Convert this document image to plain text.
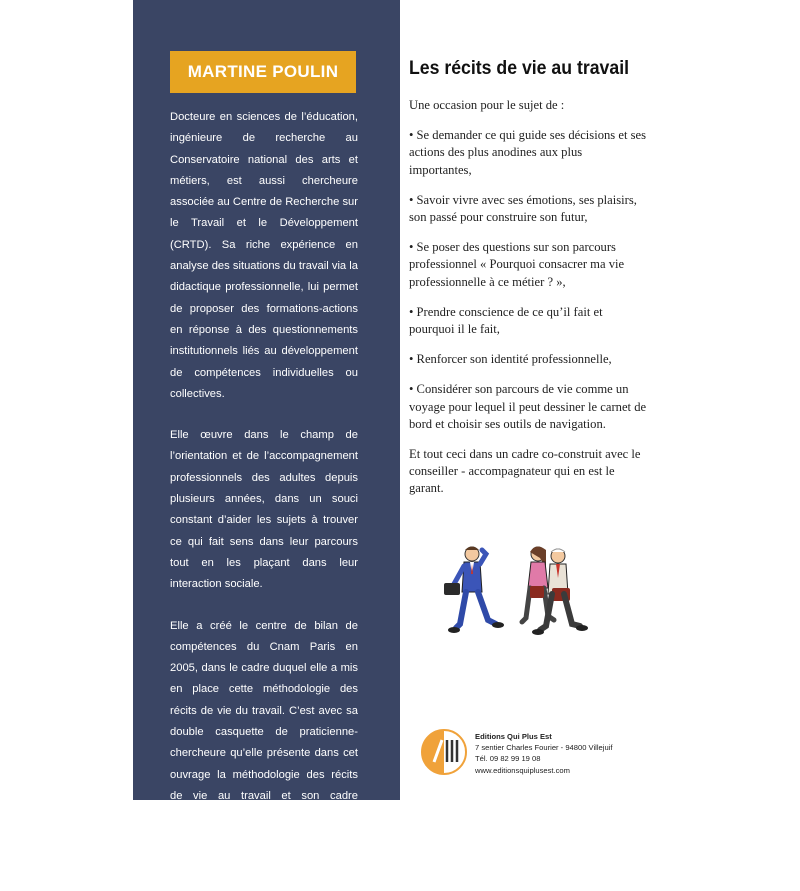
MARTINE POULIN

Docteure en sciences de l’éducation, ingénieure de recherche au Conservatoire national des arts et métiers, est aussi chercheure associée au Centre de Recherche sur le Travail et le Développement (CRTD). Sa riche expérience en analyse des situations du travail via la didactique professionnelle, lui permet de proposer des formations-actions en réponse à des questionnements institutionnels liés au développement de compétences individuelles ou collectives.

Elle œuvre dans le champ de l’orientation et de l’accompagnement professionnels des adultes depuis plusieurs années, dans un souci constant d’aider les sujets à trouver ce qui fait sens dans leur parcours tout en les plaçant dans leur interaction sociale.

Elle a créé le centre de bilan de compétences du Cnam Paris en 2005, dans le cadre duquel elle a mis en place cette méthodologie des récits de vie du travail. C’est avec sa double casquette de praticienne-chercheure qu’elle présente dans cet ouvrage la méthodologie des récits de vie au travail et son cadre déontologique en l’illustrant d’exemples et de cas tirés de différents contextes d’exercice.

Les récits de vie au travail

Une occasion pour le sujet de :

• Se demander ce qui guide ses décisions et ses actions des plus anodines aux plus importantes,

• Savoir vivre avec ses émotions, ses plaisirs, son passé pour construire son futur,

• Se poser des questions sur son parcours professionnel « Pourquoi consacrer ma vie professionnelle à ce métier ? »,

• Prendre conscience de ce qu’il fait et pourquoi il le fait,

• Renforcer son identité professionnelle,

• Considérer son parcours de vie comme un voyage pour lequel il peut dessiner le carnet de bord et choisir ses outils de navigation.

Et tout ceci dans un cadre co-construit avec le conseiller - accompagnateur qui en est le garant.

Editions Qui Plus Est
7 sentier Charles Fourier - 94800 Villejuif
Tél. 09 82 99 19 08
www.editionsquiplusest.com
